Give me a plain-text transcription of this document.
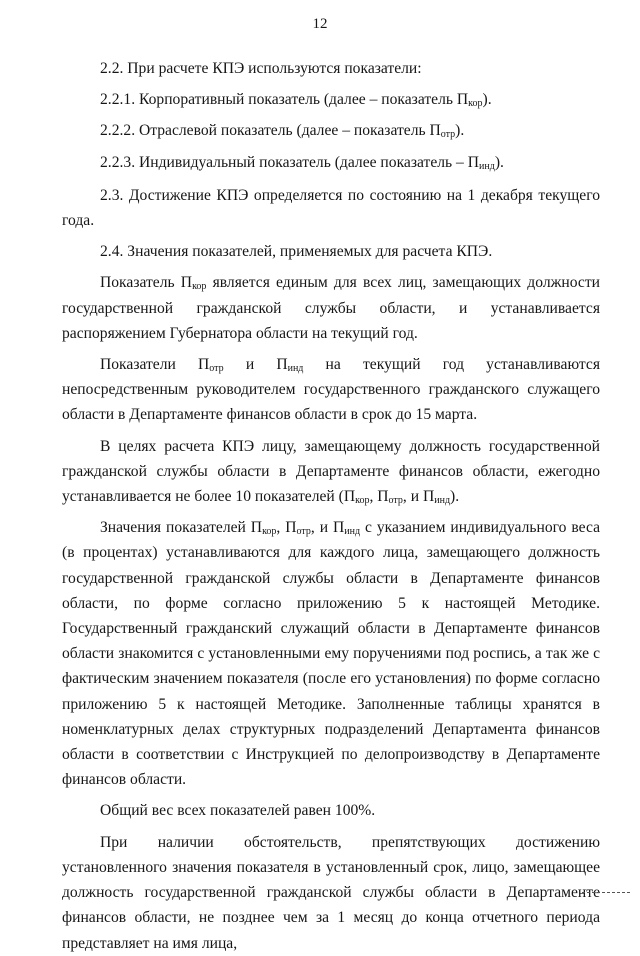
12

2.2. При расчете КПЭ используются показатели:

2.2.1. Корпоративный показатель (далее – показатель $П_{кор}$).

2.2.2. Отраслевой показатель (далее – показатель $П_{отр}$).

2.2.3. Индивидуальный показатель (далее показатель – $П_{инд}$).

2.3. Достижение КПЭ определяется по состоянию на 1 декабря текущего

года.

2.4. Значения показателей, применяемых для расчета КПЭ.

Показатель $П_{кор}$ является единым для всех лиц, замещающих должности государственной гражданской службы области, и устанавливается распоряжением Губернатора области на текущий год.

Показатели $П_{отр}$ и $П_{инд}$ на текущий год устанавливаются непосредственным руководителем государственного гражданского служащего области в Департаменте финансов области в срок до 15 марта.

В целях расчета КПЭ лицу, замещающему должность государственной гражданской службы области в Департаменте финансов области, ежегодно устанавливается не более 10 показателей ($П_{кор}$, $П_{отр}$, и $П_{инд}$).

Значения показателей $П_{кор}$, $П_{отр}$, и $П_{инд}$ с указанием индивидуального веса (в процентах) устанавливаются для каждого лица, замещающего должность государственной гражданской службы области в Департаменте финансов области, по форме согласно приложению 5 к настоящей Методике. Государственный гражданский служащий области в Департаменте финансов области знакомится с установленными ему поручениями под роспись, а так же с фактическим значением показателя (после его установления) по форме согласно приложению 5 к настоящей Методике. Заполненные таблицы хранятся в номенклатурных делах структурных подразделений Департамента финансов области в соответствии с Инструкцией по делопроизводству в Департаменте финансов области.

Общий вес всех показателей равен 100%.

При наличии обстоятельств, препятствующих достижению установленного значения показателя в установленный срок, лицо, замещающее должность государственной гражданской службы области в Департаменте финансов области, не позднее чем за 1 месяц до конца отчетного периода представляет на имя лица,
